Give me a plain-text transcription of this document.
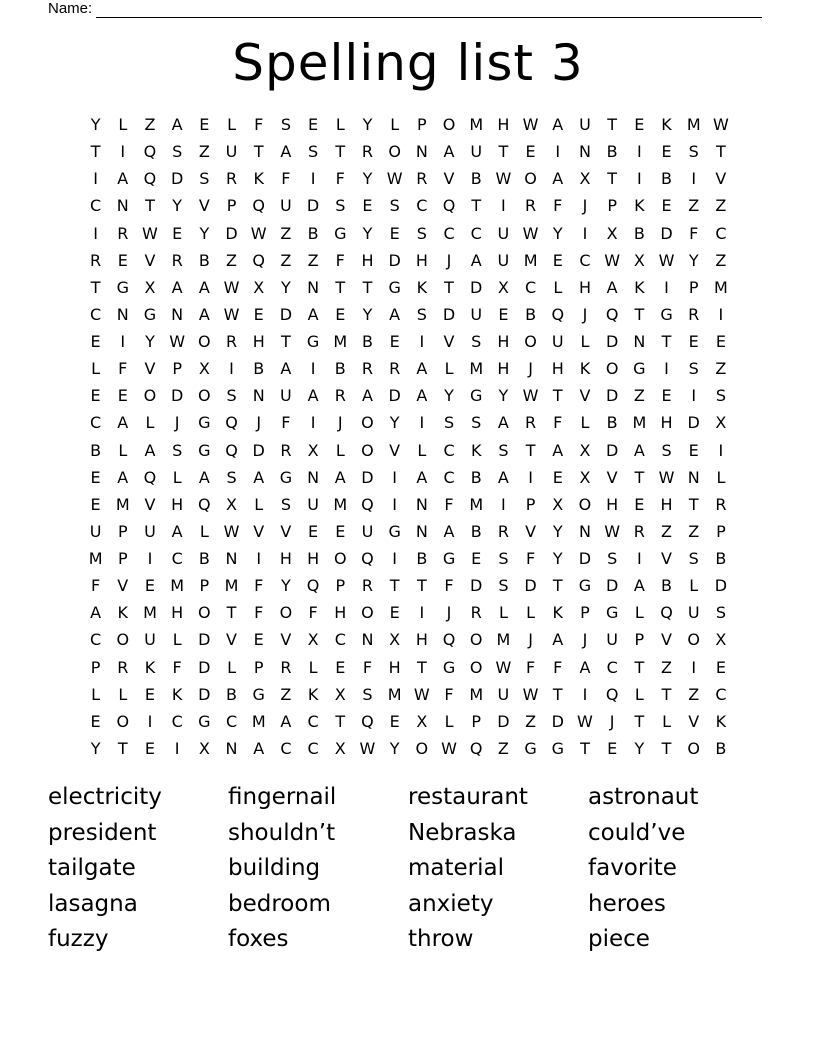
Name:
Spelling list 3
Y	L	Z	A	E	L	F	S	E	L	Y	L	P	O M H W A U	T	E	K M W
T	I	Q S	Z U	T	A	S	T	R O N A U	T	E	I	N B	I	E	S	T
I	A Q D S	R	K	F	I	F	Y W R	V	B W O A	X	T	I	B	I	V
C N	T	Y	V	P	Q U D S	E	S	C Q	T	I	R	F	J	P	K	E	Z	Z
I	R W E	Y	D W Z	B G	Y	E	S	C	C U W Y	I	X	B D	F	C
R	E	V	R	B	Z Q Z	Z	F	H D H	J	A U M E	C W X W Y	Z
T	G X	A	A W X	Y	N	T	T	G K	T	D X	C	L	H A	K	I	P M
C N G N A W E D A	E	Y	A	S D U	E	B Q	J	Q	T	G R	I
E	I	Y W O R H	T	G M B	E	I	V	S	H O U	L	D N	T	E	E
L	F	V	P	X	I	B	A	I	B	R	R	A	L M H	J	H K O G	I	S	Z
E	E O D O S	N U A	R	A D A	Y	G	Y W T	V D Z	E	I	S
C	A	L	J	G Q	J	F	I	J	O	Y	I	S	S	A	R	F	L	B M H D X
B	L	A	S G Q D R	X	L	O V	L	C	K	S	T	A	X D A	S	E	I
E	A Q	L	A	S	A G N A D	I	A	C	B	A	I	E	X	V	T W N	L
E M V H Q X	L	S	U M Q	I	N	F M	I	P	X O H	E	H	T	R
U	P	U A	L W V	V	E	E	U G N A	B	R	V	Y	N W R	Z	Z	P
M P	I	C	B N	I	H H O Q	I	B G E	S	F	Y	D S	I	V	S	B
F	V	E M P M F	Y	Q	P	R	T	T	F	D S D	T	G D A	B	L	D
A	K M H O	T	F	O	F	H O E	I	J	R	L	L	K	P	G	L	Q U	S
C O U	L	D V	E	V	X	C N X H Q O M	J	A	J	U	P	V O X
P	R	K	F	D	L	P	R	L	E	F	H	T	G O W F	F	A	C	T	Z	I	E
L	L	E	K D B G Z	K	X	S M W F M U W T	I	Q	L	T	Z	C
E O	I	C G C M A	C	T	Q E	X	L	P	D Z D W	J	T	L	V	K
Y	T	E	I	X N A	C	C	X W Y	O W Q Z G G	T	E	Y	T	O B
electricity	fingernail	restaurant	astronaut
president	shouldn’t	Nebraska	could’ve
tailgate	building	material	favorite
lasagna	bedroom	anxiety	heroes
fuzzy	foxes	throw	piece
